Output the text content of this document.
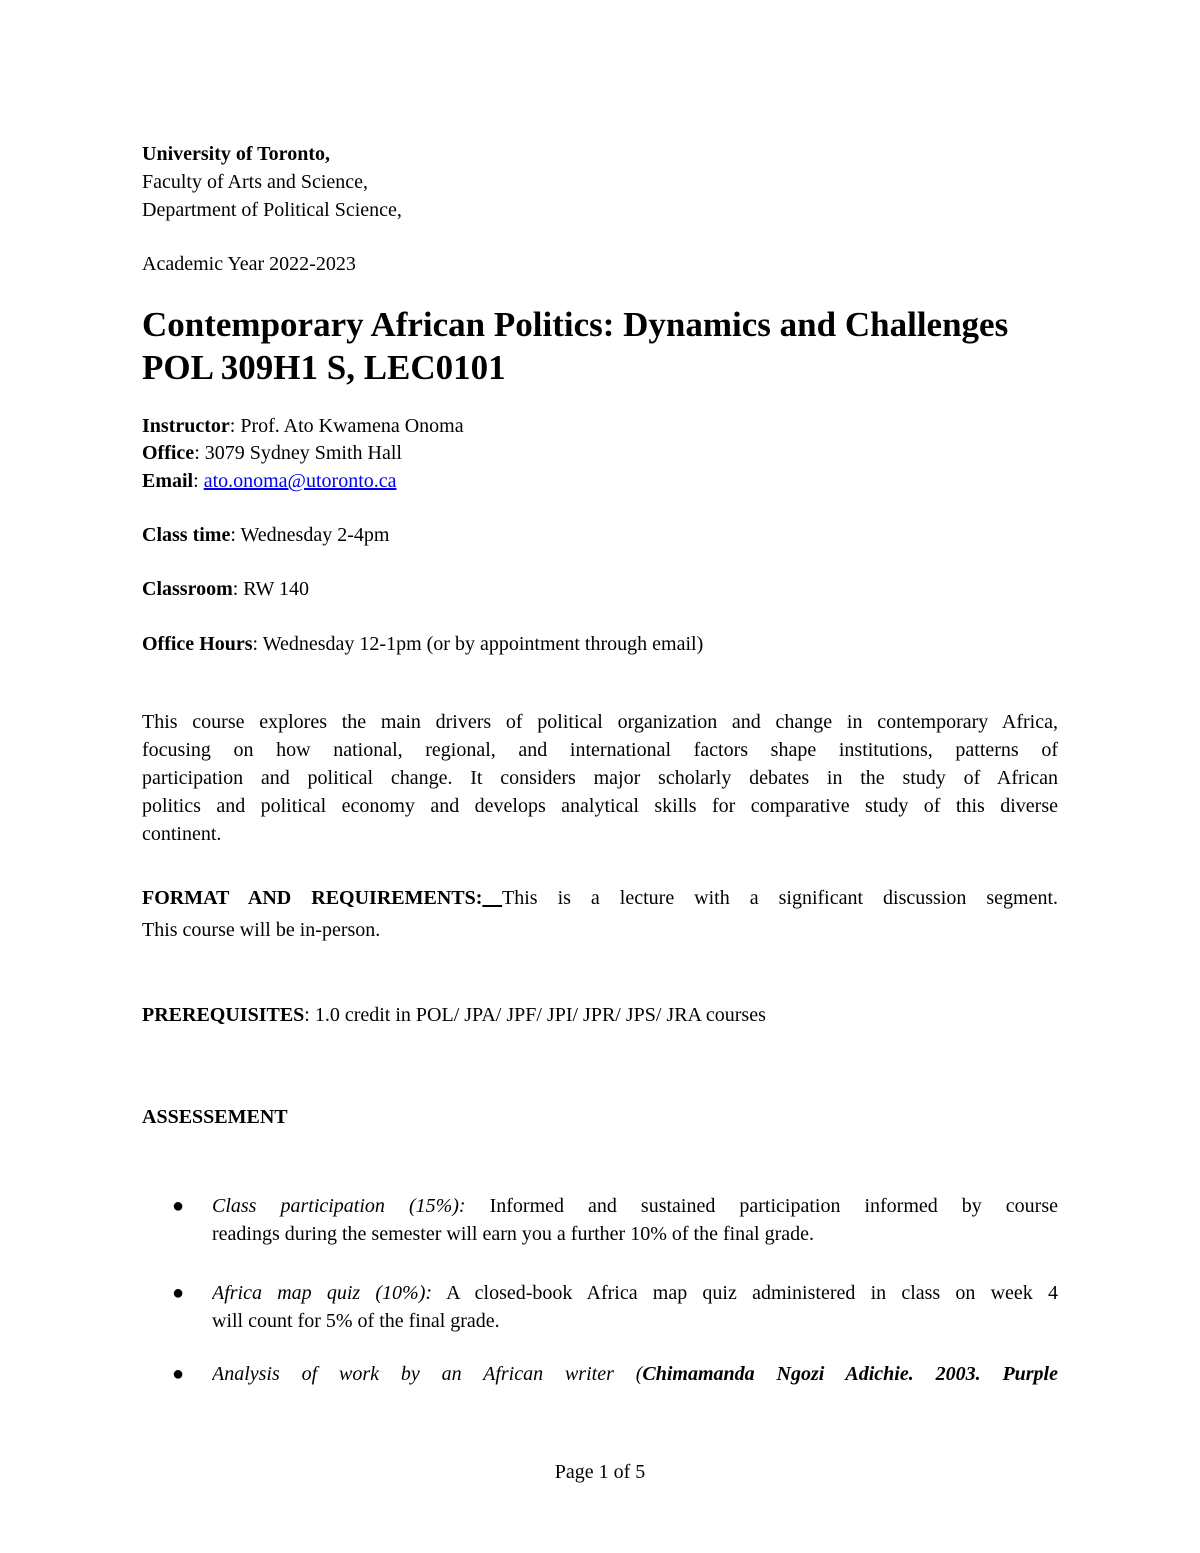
University of Toronto,
Faculty of Arts and Science,
Department of Political Science,
Academic Year 2022-2023
Contemporary African Politics: Dynamics and Challenges
POL 309H1 S, LEC0101
Instructor: Prof. Ato Kwamena Onoma
Office: 3079 Sydney Smith Hall
Email: ato.onoma@utoronto.ca
Class time: Wednesday 2-4pm
Classroom: RW 140
Office Hours: Wednesday 12-1pm (or by appointment through email)
This course explores the main drivers of political organization and change in contemporary Africa,
focusing on how national, regional, and international factors shape institutions, patterns of
participation and political change. It considers major scholarly debates in the study of African
politics and political economy and develops analytical skills for comparative study of this diverse
continent.
FORMAT AND REQUIREMENTS: This is a lecture with a significant discussion segment.
This course will be in-person.
PREREQUISITES: 1.0 credit in POL/ JPA/ JPF/ JPI/ JPR/ JPS/ JRA courses
ASSESSEMENT
● Class participation (15%): Informed and sustained participation informed by course
readings during the semester will earn you a further 10% of the final grade.
● Africa map quiz (10%): A closed-book Africa map quiz administered in class on week 4
will count for 5% of the final grade.
● Analysis of work by an African writer (Chimamanda Ngozi Adichie. 2003. Purple
Page 1 of 5
